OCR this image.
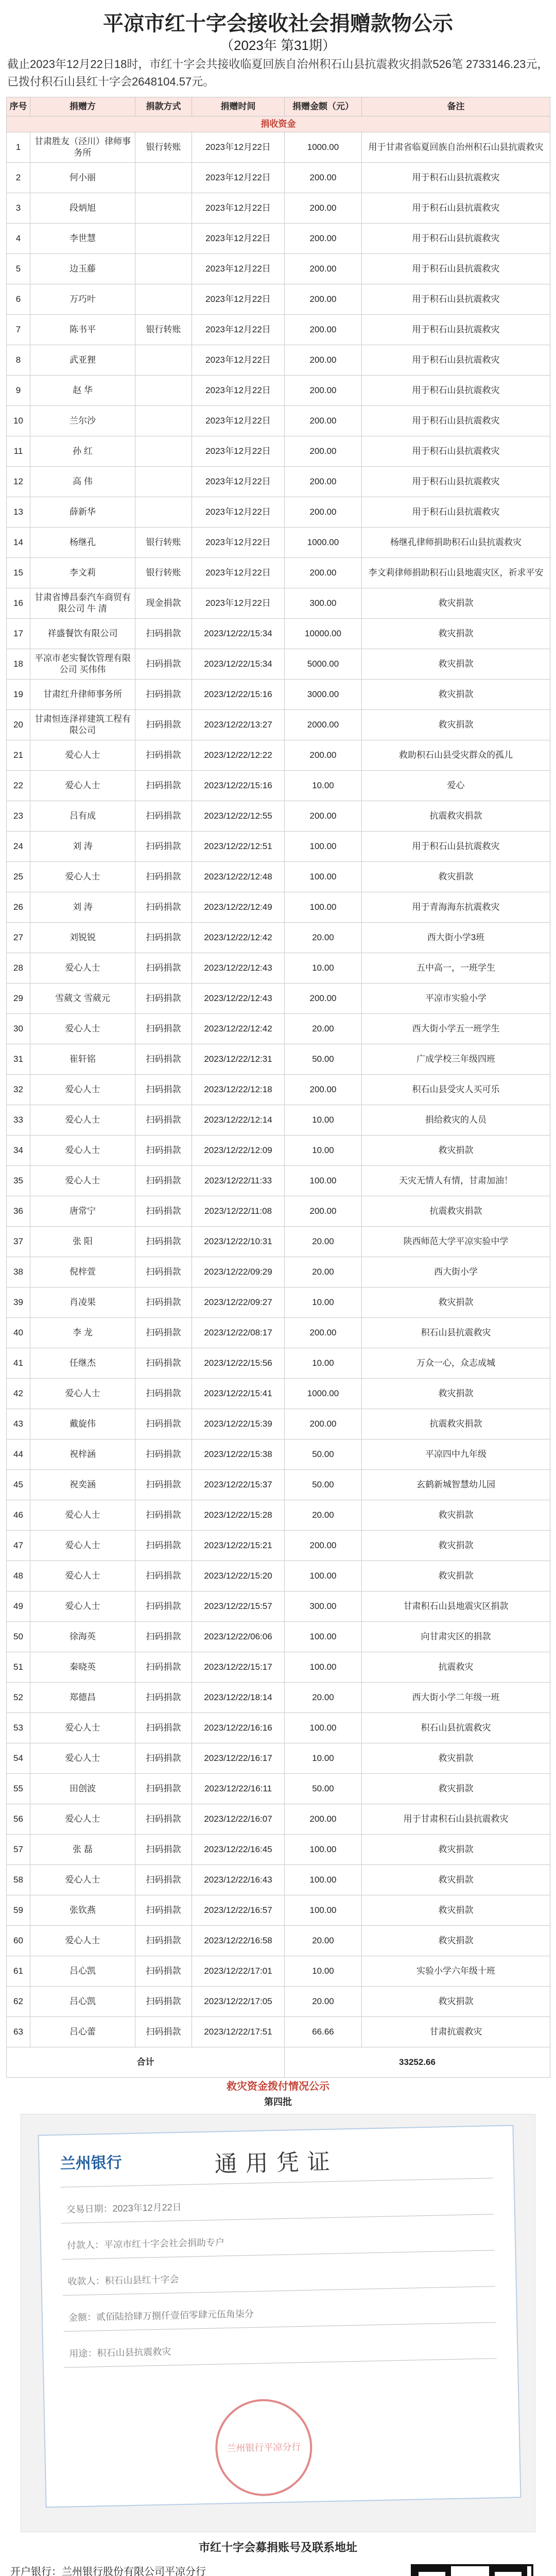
平凉市红十字会接收社会捐赠款物公示
（2023年 第31期）
截止2023年12月22日18时，市红十字会共接收临夏回族自治州积石山县抗震救灾捐款526笔 2733146.23元，已拨付积石山县红十字会2648104.57元。
序号	捐赠方	捐款方式	捐赠时间	捐赠金额（元）	备注
捐收资金					
1	甘肃胜友（泾川）律师事务所	银行转账	2023年12月22日	1000.00	用于甘肃省临夏回族自治州积石山县抗震救灾
2	何小丽		2023年12月22日	200.00	用于积石山县抗震救灾
3	段炳旭		2023年12月22日	200.00	用于积石山县抗震救灾
4	李世慧		2023年12月22日	200.00	用于积石山县抗震救灾
5	边玉藤		2023年12月22日	200.00	用于积石山县抗震救灾
6	万巧叶		2023年12月22日	200.00	用于积石山县抗震救灾
7	陈书平	银行转账	2023年12月22日	200.00	用于积石山县抗震救灾
8	武亚狸		2023年12月22日	200.00	用于积石山县抗震救灾
9	赵 华		2023年12月22日	200.00	用于积石山县抗震救灾
10	兰尔沙		2023年12月22日	200.00	用于积石山县抗震救灾
11	孙 红		2023年12月22日	200.00	用于积石山县抗震救灾
12	高 伟		2023年12月22日	200.00	用于积石山县抗震救灾
13	薛新华		2023年12月22日	200.00	用于积石山县抗震救灾
14	杨继孔	银行转账	2023年12月22日	1000.00	杨继孔律师捐助积石山县抗震救灾
15	李文莉	银行转账	2023年12月22日	200.00	李文莉律师捐助积石山县地震灾区，祈求平安
16	甘肃省博昌泰汽车商贸有限公司 牛 清	现金捐款	2023年12月22日	300.00	救灾捐款
17	祥盛餐饮有限公司	扫码捐款	2023/12/22/15:34	10000.00	救灾捐款
18	平凉市老实餐饮管理有限公司 买伟伟	扫码捐款	2023/12/22/15:34	5000.00	救灾捐款
19	甘肃红升律师事务所	扫码捐款	2023/12/22/15:16	3000.00	救灾捐款
20	甘肃恒连泽祥建筑工程有限公司	扫码捐款	2023/12/22/13:27	2000.00	救灾捐款
21	爱心人士	扫码捐款	2023/12/22/12:22	200.00	救助积石山县受灾群众的孤儿
22	爱心人士	扫码捐款	2023/12/22/15:16	10.00	爱心
23	吕有成	扫码捐款	2023/12/22/12:55	200.00	抗震救灾捐款
24	刘 涛	扫码捐款	2023/12/22/12:51	100.00	用于积石山县抗震救灾
25	爱心人士	扫码捐款	2023/12/22/12:48	100.00	救灾捐款
26	刘 涛	扫码捐款	2023/12/22/12:49	100.00	用于青海海东抗震救灾
27	刘锐锐	扫码捐款	2023/12/22/12:42	20.00	西大街小学3班
28	爱心人士	扫码捐款	2023/12/22/12:43	10.00	五中高一，一班学生
29	雪葳文 雪葳元	扫码捐款	2023/12/22/12:43	200.00	平凉市实验小学
30	爱心人士	扫码捐款	2023/12/22/12:42	20.00	西大街小学五一班学生
31	崔轩铭	扫码捐款	2023/12/22/12:31	50.00	广成学校三年级四班
32	爱心人士	扫码捐款	2023/12/22/12:18	200.00	积石山县受灾人买可乐
33	爱心人士	扫码捐款	2023/12/22/12:14	10.00	捐给救灾的人员
34	爱心人士	扫码捐款	2023/12/22/12:09	10.00	救灾捐款
35	爱心人士	扫码捐款	2023/12/22/11:33	100.00	天灾无情人有情，甘肃加油！
36	唐常宁	扫码捐款	2023/12/22/11:08	200.00	抗震救灾捐款
37	张 阳	扫码捐款	2023/12/22/10:31	20.00	陕西师范大学平凉实验中学
38	倪梓萱	扫码捐款	2023/12/22/09:29	20.00	西大街小学
39	肖凌果	扫码捐款	2023/12/22/09:27	10.00	救灾捐款
40	李 龙	扫码捐款	2023/12/22/08:17	200.00	积石山县抗震救灾
41	任继杰	扫码捐款	2023/12/22/15:56	10.00	万众一心，众志成城
42	爱心人士	扫码捐款	2023/12/22/15:41	1000.00	救灾捐款
43	戴旋伟	扫码捐款	2023/12/22/15:39	200.00	抗震救灾捐款
44	祝梓涵	扫码捐款	2023/12/22/15:38	50.00	平凉四中九年级
45	祝奕涵	扫码捐款	2023/12/22/15:37	50.00	玄鹤新城智慧幼儿园
46	爱心人士	扫码捐款	2023/12/22/15:28	20.00	救灾捐款
47	爱心人士	扫码捐款	2023/12/22/15:21	200.00	救灾捐款
48	爱心人士	扫码捐款	2023/12/22/15:20	100.00	救灾捐款
49	爱心人士	扫码捐款	2023/12/22/15:57	300.00	甘肃积石山县地震灾区捐款
50	徐海英	扫码捐款	2023/12/22/06:06	100.00	向甘肃灾区的捐款
51	秦晓英	扫码捐款	2023/12/22/15:17	100.00	抗震救灾
52	郑德昌	扫码捐款	2023/12/22/18:14	20.00	西大街小学二年级一班
53	爱心人士	扫码捐款	2023/12/22/16:16	100.00	积石山县抗震救灾
54	爱心人士	扫码捐款	2023/12/22/16:17	10.00	救灾捐款
55	田创波	扫码捐款	2023/12/22/16:11	50.00	救灾捐款
56	爱心人士	扫码捐款	2023/12/22/16:07	200.00	用于甘肃积石山县抗震救灾
57	张 磊	扫码捐款	2023/12/22/16:45	100.00	救灾捐款
58	爱心人士	扫码捐款	2023/12/22/16:43	100.00	救灾捐款
59	张钦燕	扫码捐款	2023/12/22/16:57	100.00	救灾捐款
60	爱心人士	扫码捐款	2023/12/22/16:58	20.00	救灾捐款
61	吕心凯	扫码捐款	2023/12/22/17:01	10.00	实验小学六年级十班
62	吕心凯	扫码捐款	2023/12/22/17:05	20.00	救灾捐款
63	吕心蕾	扫码捐款	2023/12/22/17:51	66.66	甘肃抗震救灾
合计				33252.66	
救灾资金拨付情况公示
第四批
兰州银行	通用凭证
交易日期：2023年12月22日
付款人：平凉市红十字会社会捐助专户
收款人：积石山县红十字会
金额：贰佰陆拾肆万捌仟壹佰零肆元伍角柒分
用途：积石山县抗震救灾
兰州银行平凉分行
市红十字会募捐账号及联系地址
开户银行：兰州银行股份有限公司平凉分行
